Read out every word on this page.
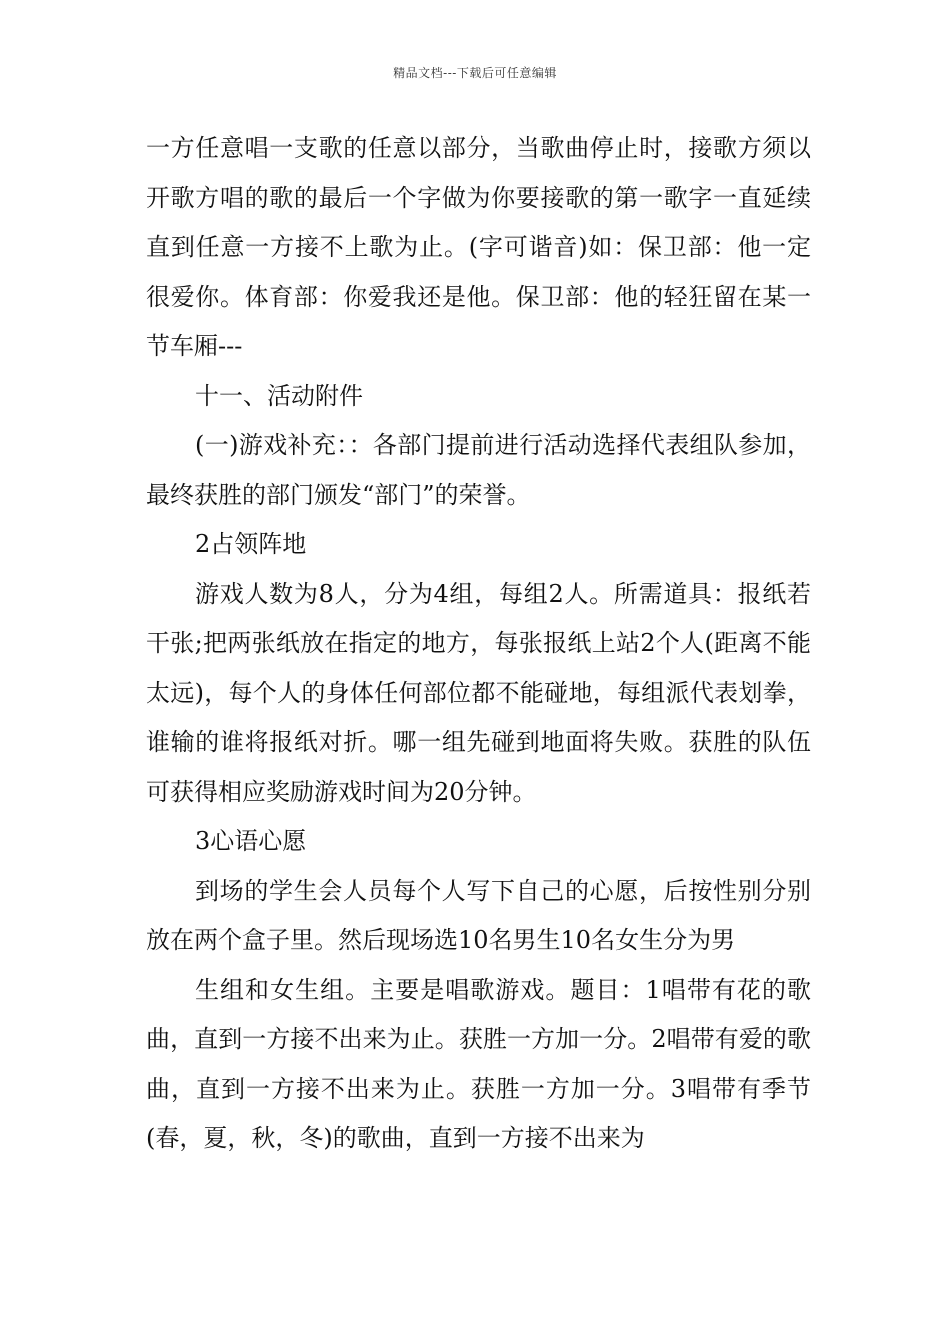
精品文档---下载后可任意编辑

一方任意唱一支歌的任意以部分，当歌曲停止时，接歌方须以开歌方唱的歌的最后一个字做为你要接歌的第一歌字一直延续直到任意一方接不上歌为止。(字可谐音)如：保卫部：他一定很爱你。体育部：你爱我还是他。保卫部：他的轻狂留在某一节车厢---

十一、活动附件

(一)游戏补充：：各部门提前进行活动选择代表组队参加，最终获胜的部门颁发“部门”的荣誉。

2占领阵地

游戏人数为8人，分为4组，每组2人。所需道具：报纸若干张;把两张纸放在指定的地方，每张报纸上站2个人(距离不能太远)，每个人的身体任何部位都不能碰地，每组派代表划拳，谁输的谁将报纸对折。哪一组先碰到地面将失败。获胜的队伍可获得相应奖励游戏时间为20分钟。

3心语心愿

到场的学生会人员每个人写下自己的心愿，后按性别分别放在两个盒子里。然后现场选10名男生10名女生分为男

生组和女生组。主要是唱歌游戏。题目：1唱带有花的歌曲，直到一方接不出来为止。获胜一方加一分。2唱带有爱的歌曲，直到一方接不出来为止。获胜一方加一分。3唱带有季节(春，夏，秋，冬)的歌曲，直到一方接不出来为
